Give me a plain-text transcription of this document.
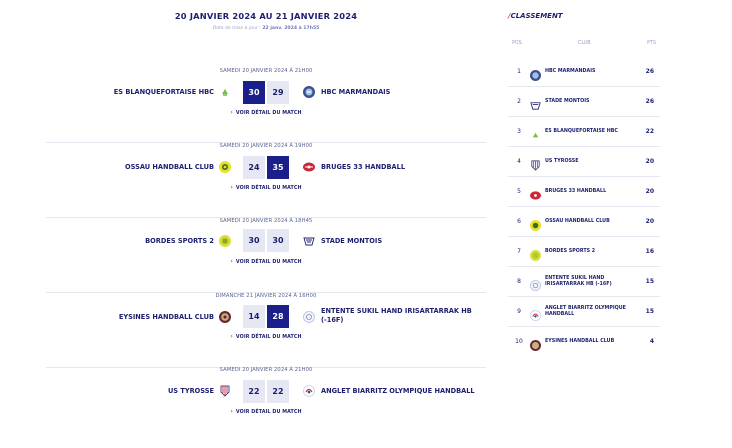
20 JANVIER 2024 AU 21 JANVIER 2024
Date de mise à jour : 22 janv. 2024 à 17h55
SAMEDI 20 JANVIER 2024 À 21H00
ES BLANQUEFORTAISE HBC	30	29	HBC MARMANDAIS
› VOIR DÉTAIL DU MATCH
SAMEDI 20 JANVIER 2024 À 19H00
OSSAU HANDBALL CLUB	24	35	BRUGES 33 HANDBALL
› VOIR DÉTAIL DU MATCH
SAMEDI 20 JANVIER 2024 À 18H45
BORDES SPORTS 2	30	30	STADE MONTOIS
› VOIR DÉTAIL DU MATCH
DIMANCHE 21 JANVIER 2024 À 16H00
EYSINES HANDBALL CLUB	14	28
ENTENTE SUKIL HAND IRISARTARRAK HB (-16F)
› VOIR DÉTAIL DU MATCH
SAMEDI 20 JANVIER 2024 À 21H00
US TYROSSE	22	22	ANGLET BIARRITZ OLYMPIQUE HANDBALL
› VOIR DÉTAIL DU MATCH
/CLASSEMENT
POS.	CLUB	PTS
1	HBC MARMANDAIS	26
2	STADE MONTOIS	26
3	ES BLANQUEFORTAISE HBC	22
4	US TYROSSE	20
5	BRUGES 33 HANDBALL	20
6	OSSAU HANDBALL CLUB	20
7	BORDES SPORTS 2	16
8	ENTENTE SUKIL HAND IRISARTARRAK HB (-16F)	15
9	ANGLET BIARRITZ OLYMPIQUE HANDBALL	15
10	EYSINES HANDBALL CLUB	4
